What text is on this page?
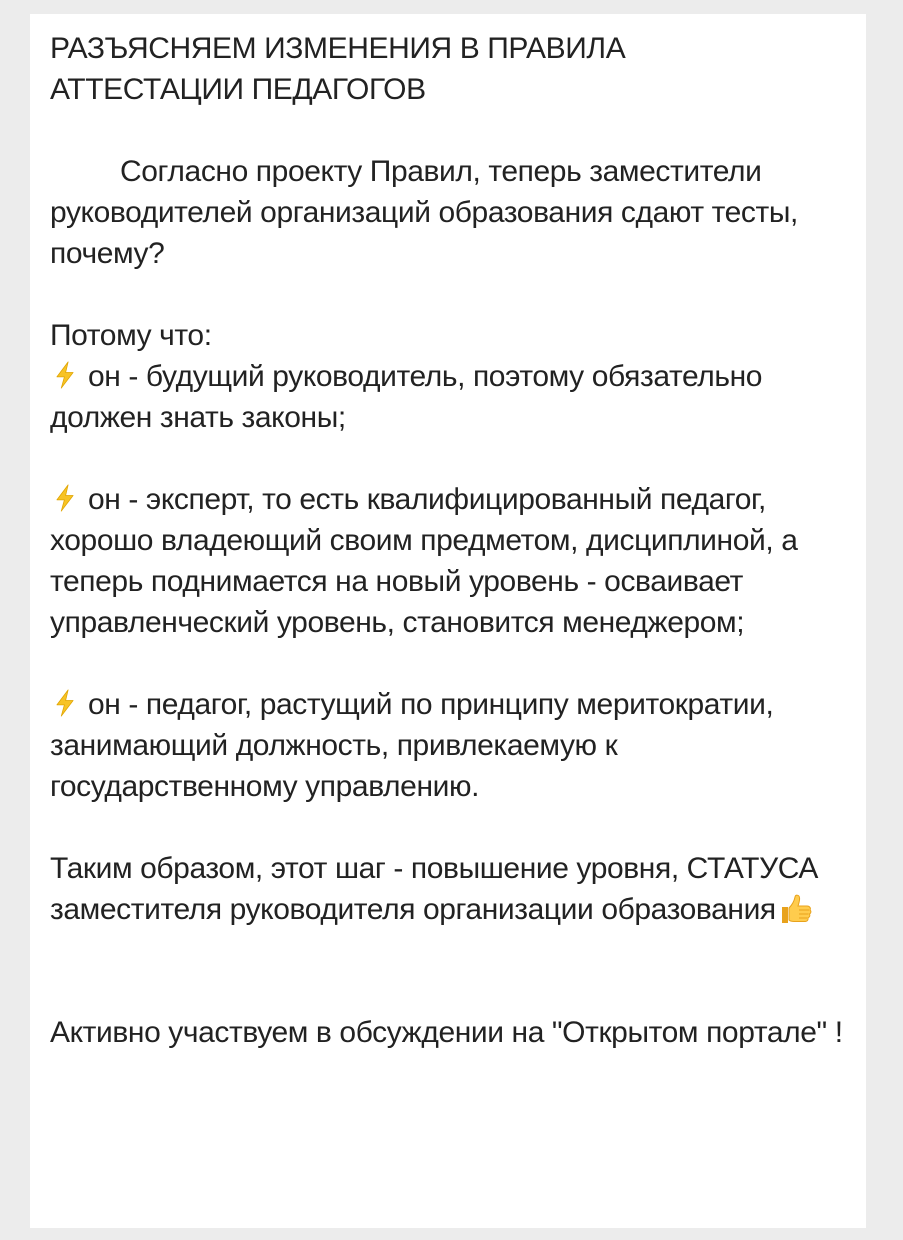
РАЗЪЯСНЯЕМ ИЗМЕНЕНИЯ В ПРАВИЛА

АТТЕСТАЦИИ ПЕДАГОГОВ

Согласно проекту Правил, теперь заместители руководителей организаций образования сдают тесты, почему?

Потому что:

он - будущий руководитель, поэтому обязательно должен знать законы;

он - эксперт, то есть квалифицированный педагог, хорошо владеющий своим предметом, дисциплиной, а теперь поднимается на новый уровень - осваивает управленческий уровень, становится менеджером;

он - педагог, растущий по принципу меритократии, занимающий должность, привлекаемую к государственному управлению.

Таким образом, этот шаг - повышение уровня, СТАТУСА заместителя руководителя организации образования

Активно участвуем в обсуждении на "Открытом портале" !
